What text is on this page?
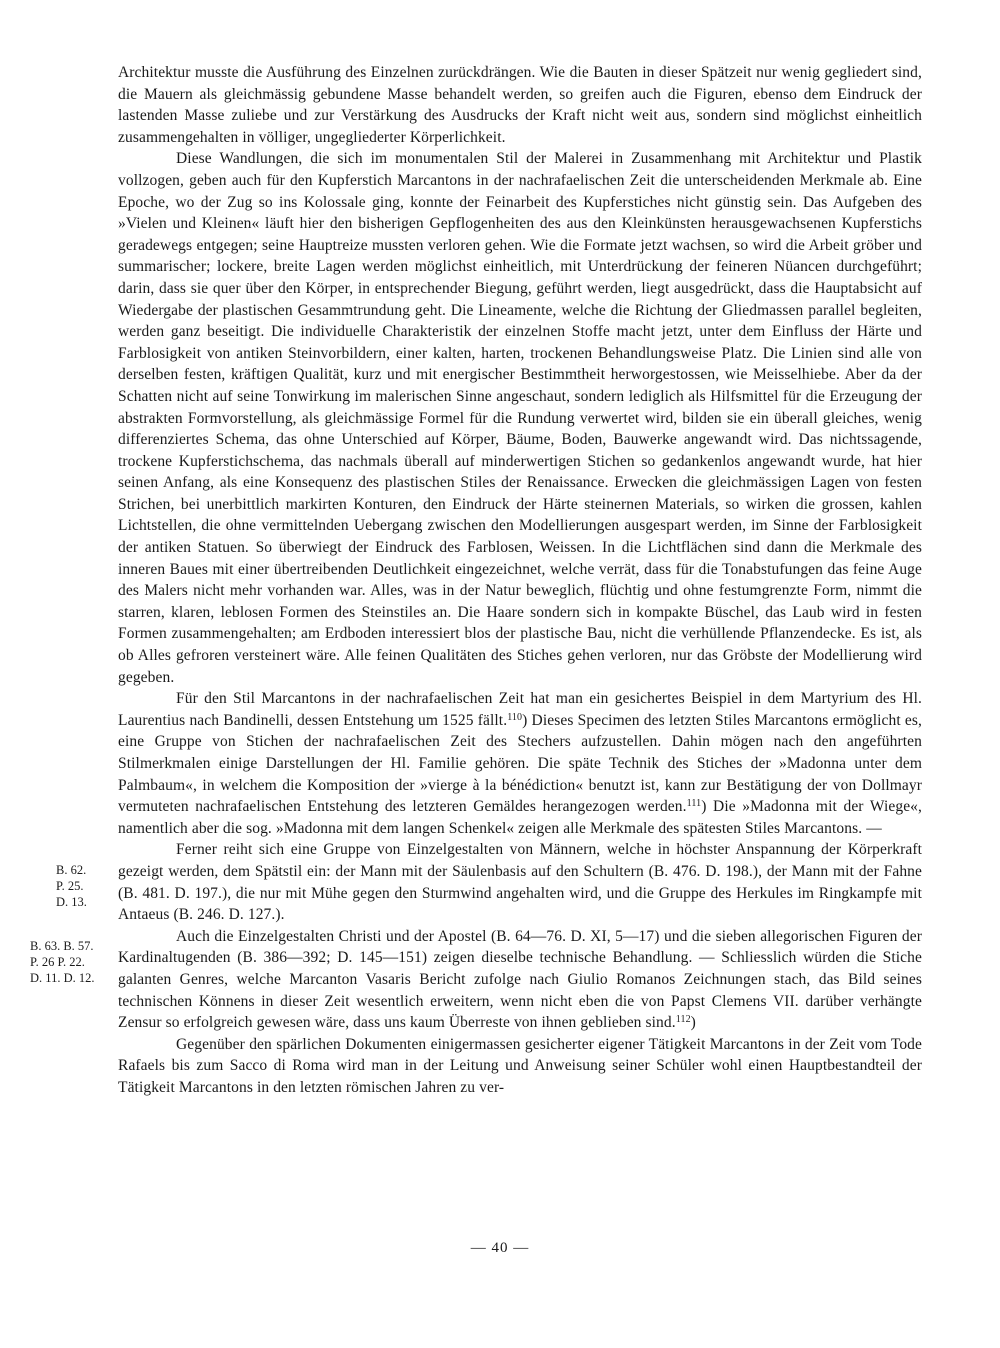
Architektur musste die Ausführung des Einzelnen zurückdrängen. Wie die Bauten in dieser Spätzeit nur wenig gegliedert sind, die Mauern als gleichmässig gebundene Masse behandelt werden, so greifen auch die Figuren, ebenso dem Eindruck der lastenden Masse zuliebe und zur Verstärkung des Ausdrucks der Kraft nicht weit aus, sondern sind möglichst einheitlich zusammengehalten in völliger, ungegliederter Körperlichkeit.

Diese Wandlungen, die sich im monumentalen Stil der Malerei in Zusammenhang mit Architektur und Plastik vollzogen, geben auch für den Kupferstich Marcantons in der nachrafaelischen Zeit die unterscheidenden Merkmale ab. Eine Epoche, wo der Zug so ins Kolossale ging, konnte der Feinarbeit des Kupferstiches nicht günstig sein. Das Aufgeben des »Vielen und Kleinen« läuft hier den bisherigen Gepflogenheiten des aus den Kleinkünsten herausgewachsenen Kupferstichs geradewegs entgegen; seine Hauptreize mussten verloren gehen. Wie die Formate jetzt wachsen, so wird die Arbeit gröber und summarischer; lockere, breite Lagen werden möglichst einheitlich, mit Unterdrückung der feineren Nüancen durchgeführt; darin, dass sie quer über den Körper, in entsprechender Biegung, geführt werden, liegt ausgedrückt, dass die Hauptabsicht auf Wiedergabe der plastischen Gesammtrundung geht. Die Lineamente, welche die Richtung der Gliedmassen parallel begleiten, werden ganz beseitigt. Die individuelle Charakteristik der einzelnen Stoffe macht jetzt, unter dem Einfluss der Härte und Farblosigkeit von antiken Steinvorbildern, einer kalten, harten, trockenen Behandlungsweise Platz. Die Linien sind alle von derselben festen, kräftigen Qualität, kurz und mit energischer Bestimmtheit herworgestossen, wie Meisselhiebe. Aber da der Schatten nicht auf seine Tonwirkung im malerischen Sinne angeschaut, sondern lediglich als Hilfsmittel für die Erzeugung der abstrakten Formvorstellung, als gleichmässige Formel für die Rundung verwertet wird, bilden sie ein überall gleiches, wenig differenziertes Schema, das ohne Unterschied auf Körper, Bäume, Boden, Bauwerke angewandt wird. Das nichtssagende, trockene Kupferstichschema, das nachmals überall auf minderwertigen Stichen so gedankenlos angewandt wurde, hat hier seinen Anfang, als eine Konsequenz des plastischen Stiles der Renaissance. Erwecken die gleichmässigen Lagen von festen Strichen, bei unerbittlich markirten Konturen, den Eindruck der Härte steinernen Materials, so wirken die grossen, kahlen Lichtstellen, die ohne vermittelnden Uebergang zwischen den Modellierungen ausgespart werden, im Sinne der Farblosigkeit der antiken Statuen. So überwiegt der Eindruck des Farblosen, Weissen. In die Lichtflächen sind dann die Merkmale des inneren Baues mit einer übertreibenden Deutlichkeit eingezeichnet, welche verrät, dass für die Tonabstufungen das feine Auge des Malers nicht mehr vorhanden war. Alles, was in der Natur beweglich, flüchtig und ohne festumgrenzte Form, nimmt die starren, klaren, leblosen Formen des Steinstiles an. Die Haare sondern sich in kompakte Büschel, das Laub wird in festen Formen zusammengehalten; am Erdboden interessiert blos der plastische Bau, nicht die verhüllende Pflanzendecke. Es ist, als ob Alles gefroren versteinert wäre. Alle feinen Qualitäten des Stiches gehen verloren, nur das Gröbste der Modellierung wird gegeben.

Für den Stil Marcantons in der nachrafaelischen Zeit hat man ein gesichertes Beispiel in dem Martyrium des Hl. Laurentius nach Bandinelli, dessen Entstehung um 1525 fällt.$^{110}$) Dieses Specimen des letzten Stiles Marcantons ermöglicht es, eine Gruppe von Stichen der nachrafaelischen Zeit des Stechers aufzustellen. Dahin mögen nach den angeführten Stilmerkmalen einige Darstellungen der Hl. Familie gehören. Die späte Technik des Stiches der »Madonna unter dem Palmbaum«, in welchem die Komposition der »vierge à la bénédiction« benutzt ist, kann zur Bestätigung der von Dollmayr vermuteten nachrafaelischen Entstehung des letzteren Gemäldes herangezogen werden.$^{111}$) Die »Madonna mit der Wiege«, namentlich aber die sog. »Madonna mit dem langen Schenkel« zeigen alle Merkmale des spätesten Stiles Marcantons. —

Ferner reiht sich eine Gruppe von Einzelgestalten von Männern, welche in höchster Anspannung der Körperkraft gezeigt werden, dem Spätstil ein: der Mann mit der Säulenbasis auf den Schultern (B. 476. D. 198.), der Mann mit der Fahne (B. 481. D. 197.), die nur mit Mühe gegen den Sturmwind angehalten wird, und die Gruppe des Herkules im Ringkampfe mit Antaeus (B. 246. D. 127.).

Auch die Einzelgestalten Christi und der Apostel (B. 64—76. D. XI, 5—17) und die sieben allegorischen Figuren der Kardinaltugenden (B. 386—392; D. 145—151) zeigen dieselbe technische Behandlung. — Schliesslich würden die Stiche galanten Genres, welche Marcanton Vasaris Bericht zufolge nach Giulio Romanos Zeichnungen stach, das Bild seines technischen Könnens in dieser Zeit wesentlich erweitern, wenn nicht eben die von Papst Clemens VII. darüber verhängte Zensur so erfolgreich gewesen wäre, dass uns kaum Überreste von ihnen geblieben sind.$^{112}$)

Gegenüber den spärlichen Dokumenten einigermassen gesicherter eigener Tätigkeit Marcantons in der Zeit vom Tode Rafaels bis zum Sacco di Roma wird man in der Leitung und Anweisung seiner Schüler wohl einen Hauptbestandteil der Tätigkeit Marcantons in den letzten römischen Jahren zu ver-

B. 62.
P. 25.
D. 13.
B. 63. B. 57.
P. 26 P. 22.
D. 11. D. 12.
— 40 —
